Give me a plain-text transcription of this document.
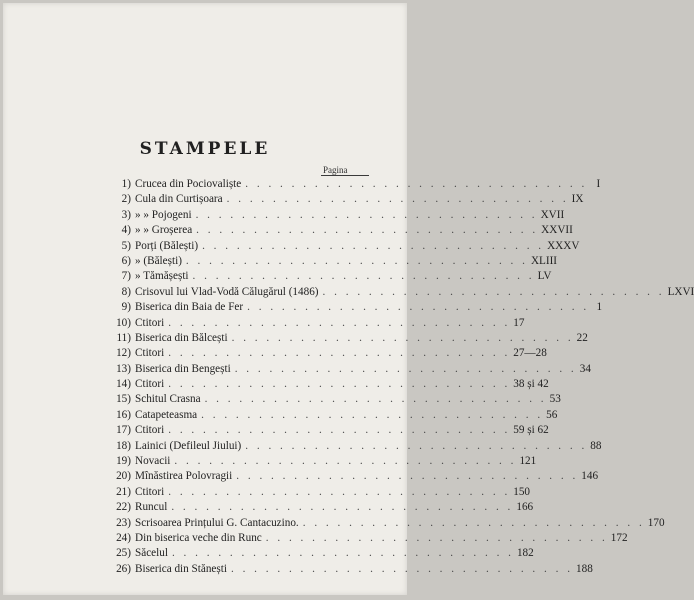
STAMPELE
Pagina
1) Crucea din Pociovaliște . . . . . . . . . . . . . . . . . . . . . . . . . . . . . . I
2) Cula din Curtișoara . . . . . . . . . . . . . . . . . . . . . . . . . . . . . . IX
3) » » Pojogeni . . . . . . . . . . . . . . . . . . . . . . . . . . . . . . XVII
4) » » Groșerea . . . . . . . . . . . . . . . . . . . . . . . . . . . . . . XXVII
5) Porți (Bălești) . . . . . . . . . . . . . . . . . . . . . . . . . . . . . . XXXV
6) » (Bălești) . . . . . . . . . . . . . . . . . . . . . . . . . . . . . . XLIII
7) » Tămășești . . . . . . . . . . . . . . . . . . . . . . . . . . . . . . LV
8) Crisovul lui Vlad-Vodă Călugărul (1486) . . . . . . . . . . . . . . . . . . . . . . . . . . . . . . LXVI
9) Biserica din Baia de Fer . . . . . . . . . . . . . . . . . . . . . . . . . . . . . . 1
10) Ctitori . . . . . . . . . . . . . . . . . . . . . . . . . . . . . . 17
11) Biserica din Bălcești . . . . . . . . . . . . . . . . . . . . . . . . . . . . . . 22
12) Ctitori . . . . . . . . . . . . . . . . . . . . . . . . . . . . . . 27—28
13) Biserica din Bengești . . . . . . . . . . . . . . . . . . . . . . . . . . . . . . 34
14) Ctitori . . . . . . . . . . . . . . . . . . . . . . . . . . . . . . 38 și 42
15) Schitul Crasna . . . . . . . . . . . . . . . . . . . . . . . . . . . . . . 53
16) Catapeteasma . . . . . . . . . . . . . . . . . . . . . . . . . . . . . . 56
17) Ctitori . . . . . . . . . . . . . . . . . . . . . . . . . . . . . . 59 și 62
18) Lainici (Defileul Jiului) . . . . . . . . . . . . . . . . . . . . . . . . . . . . . . 88
19) Novacii . . . . . . . . . . . . . . . . . . . . . . . . . . . . . . 121
20) Mînăstirea Polovragii . . . . . . . . . . . . . . . . . . . . . . . . . . . . . . 146
21) Ctitori . . . . . . . . . . . . . . . . . . . . . . . . . . . . . . 150
22) Runcul . . . . . . . . . . . . . . . . . . . . . . . . . . . . . . 166
23) Scrisoarea Prințului G. Cantacuzino. . . . . . . . . . . . . . . . . . . . . . . . . . . . . . . 170
24) Din biserica veche din Runc . . . . . . . . . . . . . . . . . . . . . . . . . . . . . . 172
25) Săcelul . . . . . . . . . . . . . . . . . . . . . . . . . . . . . . 182
26) Biserica din Stănești . . . . . . . . . . . . . . . . . . . . . . . . . . . . . . 188
